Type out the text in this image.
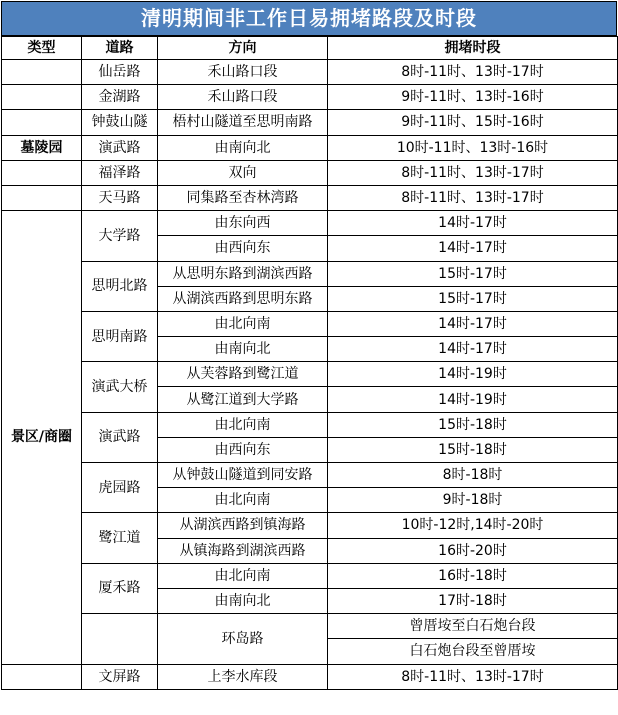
清明期间非工作日易拥堵路段及时段
类型	道路	方向	拥堵时段	
	仙岳路	禾山路口段	8时-11时、13时-17时	
	金湖路	禾山路口段	9时-11时、13时-16时	
	钟鼓山隧	梧村山隧道至思明南路	9时-11时、15时-16时	
墓陵园	演武路	由南向北	10时-11时、13时-16时	
	福泽路	双向	8时-11时、13时-17时	
	天马路	同集路至杏林湾路	8时-11时、13时-17时	
景区/商圈	大学路	由东向西	14时-17时	
		由西向东	14时-17时	
	思明北路	从思明东路到湖滨西路	15时-17时	
		从湖滨西路到思明东路	15时-17时	
	思明南路	由北向南	14时-17时	
		由南向北	14时-17时	
	演武大桥	从芙蓉路到鹭江道	14时-19时	
		从鹭江道到大学路	14时-19时	
	演武路	由北向南	15时-18时	
		由西向东	15时-18时	
	虎园路	从钟鼓山隧道到同安路	8时-18时	
		由北向南	9时-18时	
	鹭江道	从湖滨西路到镇海路	10时-12时,14时-20时	
		从镇海路到湖滨西路	16时-20时	
	厦禾路	由北向南	16时-18时	
		由南向北	17时-18时	
		环岛路	曾厝垵至白石炮台段	
			白石炮台段至曾厝垵	
	文屏路	上李水库段	8时-11时、13时-17时	
